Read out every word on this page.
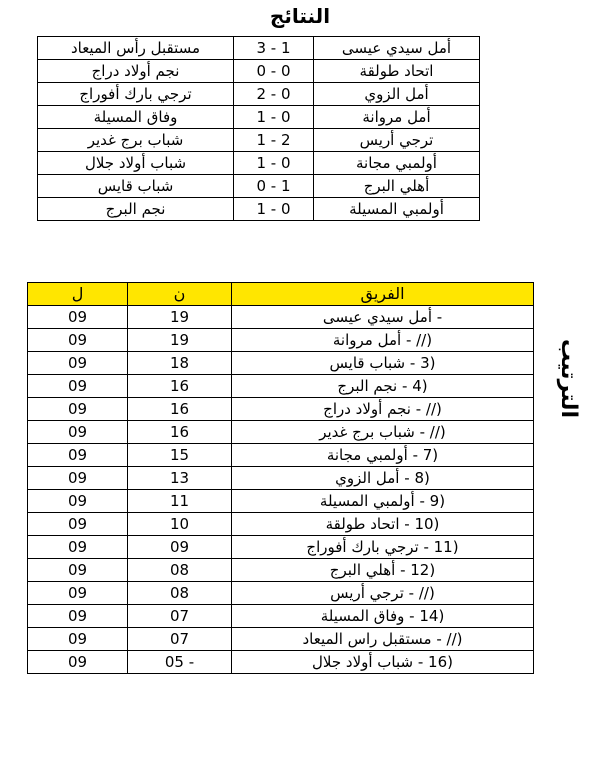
النتائج
مستقبل رأس الميعاد	3 - 1	أمل سيدي عيسى
نجم أولاد دراج	0 - 0	اتحاد طولقة
ترجي بارك أفوراج	2 - 0	أمل الزوي
وفاق المسيلة	1 - 0	أمل مروانة
شباب برج غدير	1 - 2	ترجي أريس
شباب أولاد جلال	1 - 0	أولمبي مجانة
شباب قايس	0 - 1	أهلي البرج
نجم البرج	1 - 0	أولمبي المسيلة
ل	ن	الفريق
09	19	- أمل سيدي عيسى
09	19	//) - أمل مروانة
09	18	3) - شباب قايس
09	16	4) - نجم البرج
09	16	//) - نجم أولاد دراج
09	16	//) - شباب برج غدير
09	15	7) - أولمبي مجانة
09	13	8) - أمل الزوي
09	11	9) - أولمبي المسيلة
09	10	10) - اتحاد طولقة
09	09	11) - ترجي بارك أفوراج
09	08	12) - أهلي البرج
09	08	//) - ترجي أريس
09	07	14) - وفاق المسيلة
09	07	//) - مستقبل راس الميعاد
09	05 -	16) - شباب أولاد جلال
الترتيب
